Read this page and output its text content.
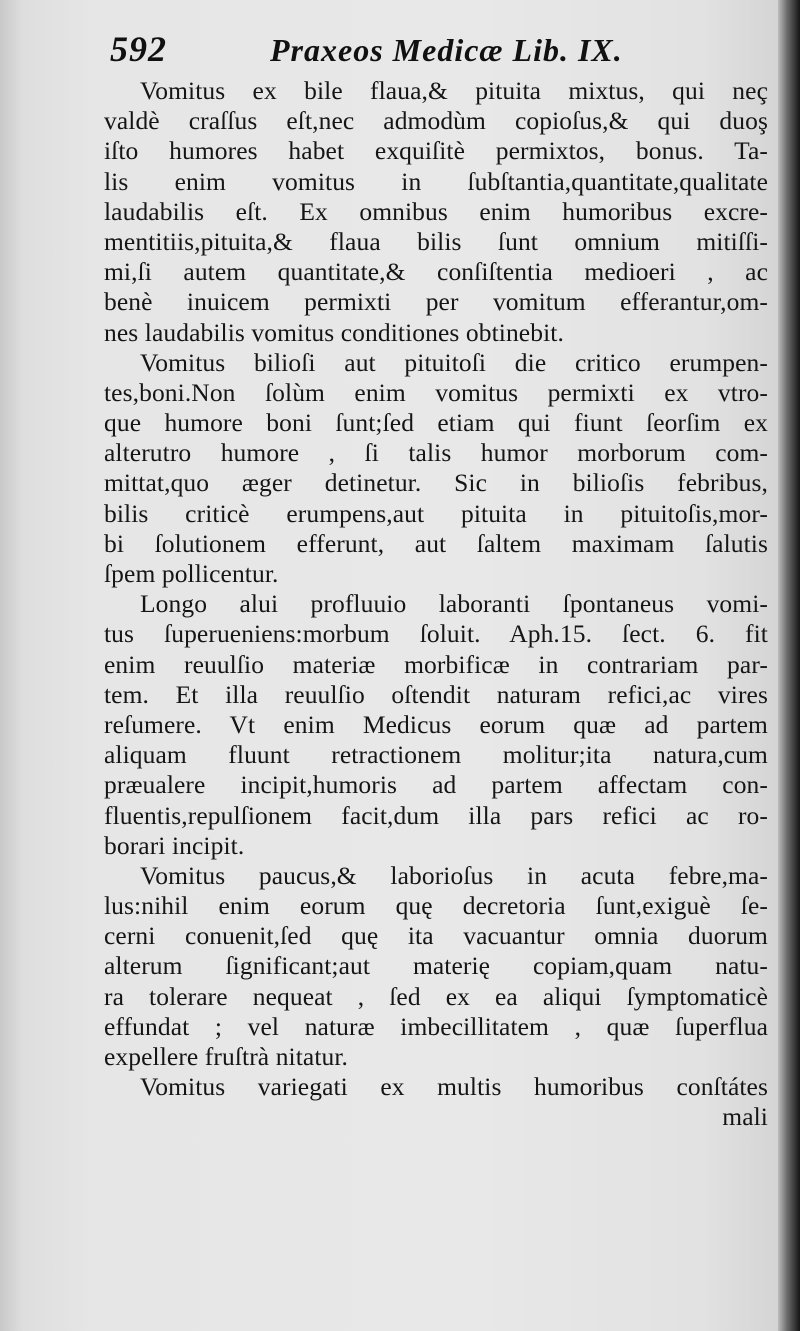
592	Praxeos Medicæ Lib. IX.
Vomitus ex bile flaua,& pituita mixtus, qui neç
valdè craſſus eſt,nec admodùm copioſus,& qui duoş
iſto humores habet exquiſitè permixtos, bonus. Ta-
lis enim vomitus in ſubſtantia,quantitate,qualitate
laudabilis eſt. Ex omnibus enim humoribus excre-
mentitiis,pituita,& flaua bilis ſunt omnium mitiſſi-
mi,ſi autem quantitate,& conſiſtentia medioeri , ac
benè inuicem permixti per vomitum efferantur,om-
nes laudabilis vomitus conditiones obtinebit.
Vomitus bilioſi aut pituitoſi die critico erumpen-
tes,boni.Non ſolùm enim vomitus permixti ex vtro-
que humore boni ſunt;ſed etiam qui fiunt ſeorſim ex
alterutro humore , ſi talis humor morborum com-
mittat,quo æger detinetur. Sic in bilioſis febribus,
bilis criticè erumpens,aut pituita in pituitoſis,mor-
bi ſolutionem efferunt, aut ſaltem maximam ſalutis
ſpem pollicentur.
Longo alui profluuio laboranti ſpontaneus vomi-
tus ſuperueniens:morbum ſoluit. Aph.15. ſect. 6. fit
enim reuulſio materiæ morbificæ in contrariam par-
tem. Et illa reuulſio oſtendit naturam refici,ac vires
reſumere. Vt enim Medicus eorum quæ ad partem
aliquam fluunt retractionem molitur;ita natura,cum
præualere incipit,humoris ad partem affectam con-
fluentis,repulſionem facit,dum illa pars refici ac ro-
borari incipit.
Vomitus paucus,& laborioſus in acuta febre,ma-
lus:nihil enim eorum quę decretoria ſunt,exiguè ſe-
cerni conuenit,ſed quę ita vacuantur omnia duorum
alterum ſignificant;aut materię copiam,quam natu-
ra tolerare nequeat , ſed ex ea aliqui ſymptomaticè
effundat ; vel naturæ imbecillitatem , quæ ſuperflua
expellere fruſtrà nitatur.
Vomitus variegati ex multis humoribus conſtátes
mali
